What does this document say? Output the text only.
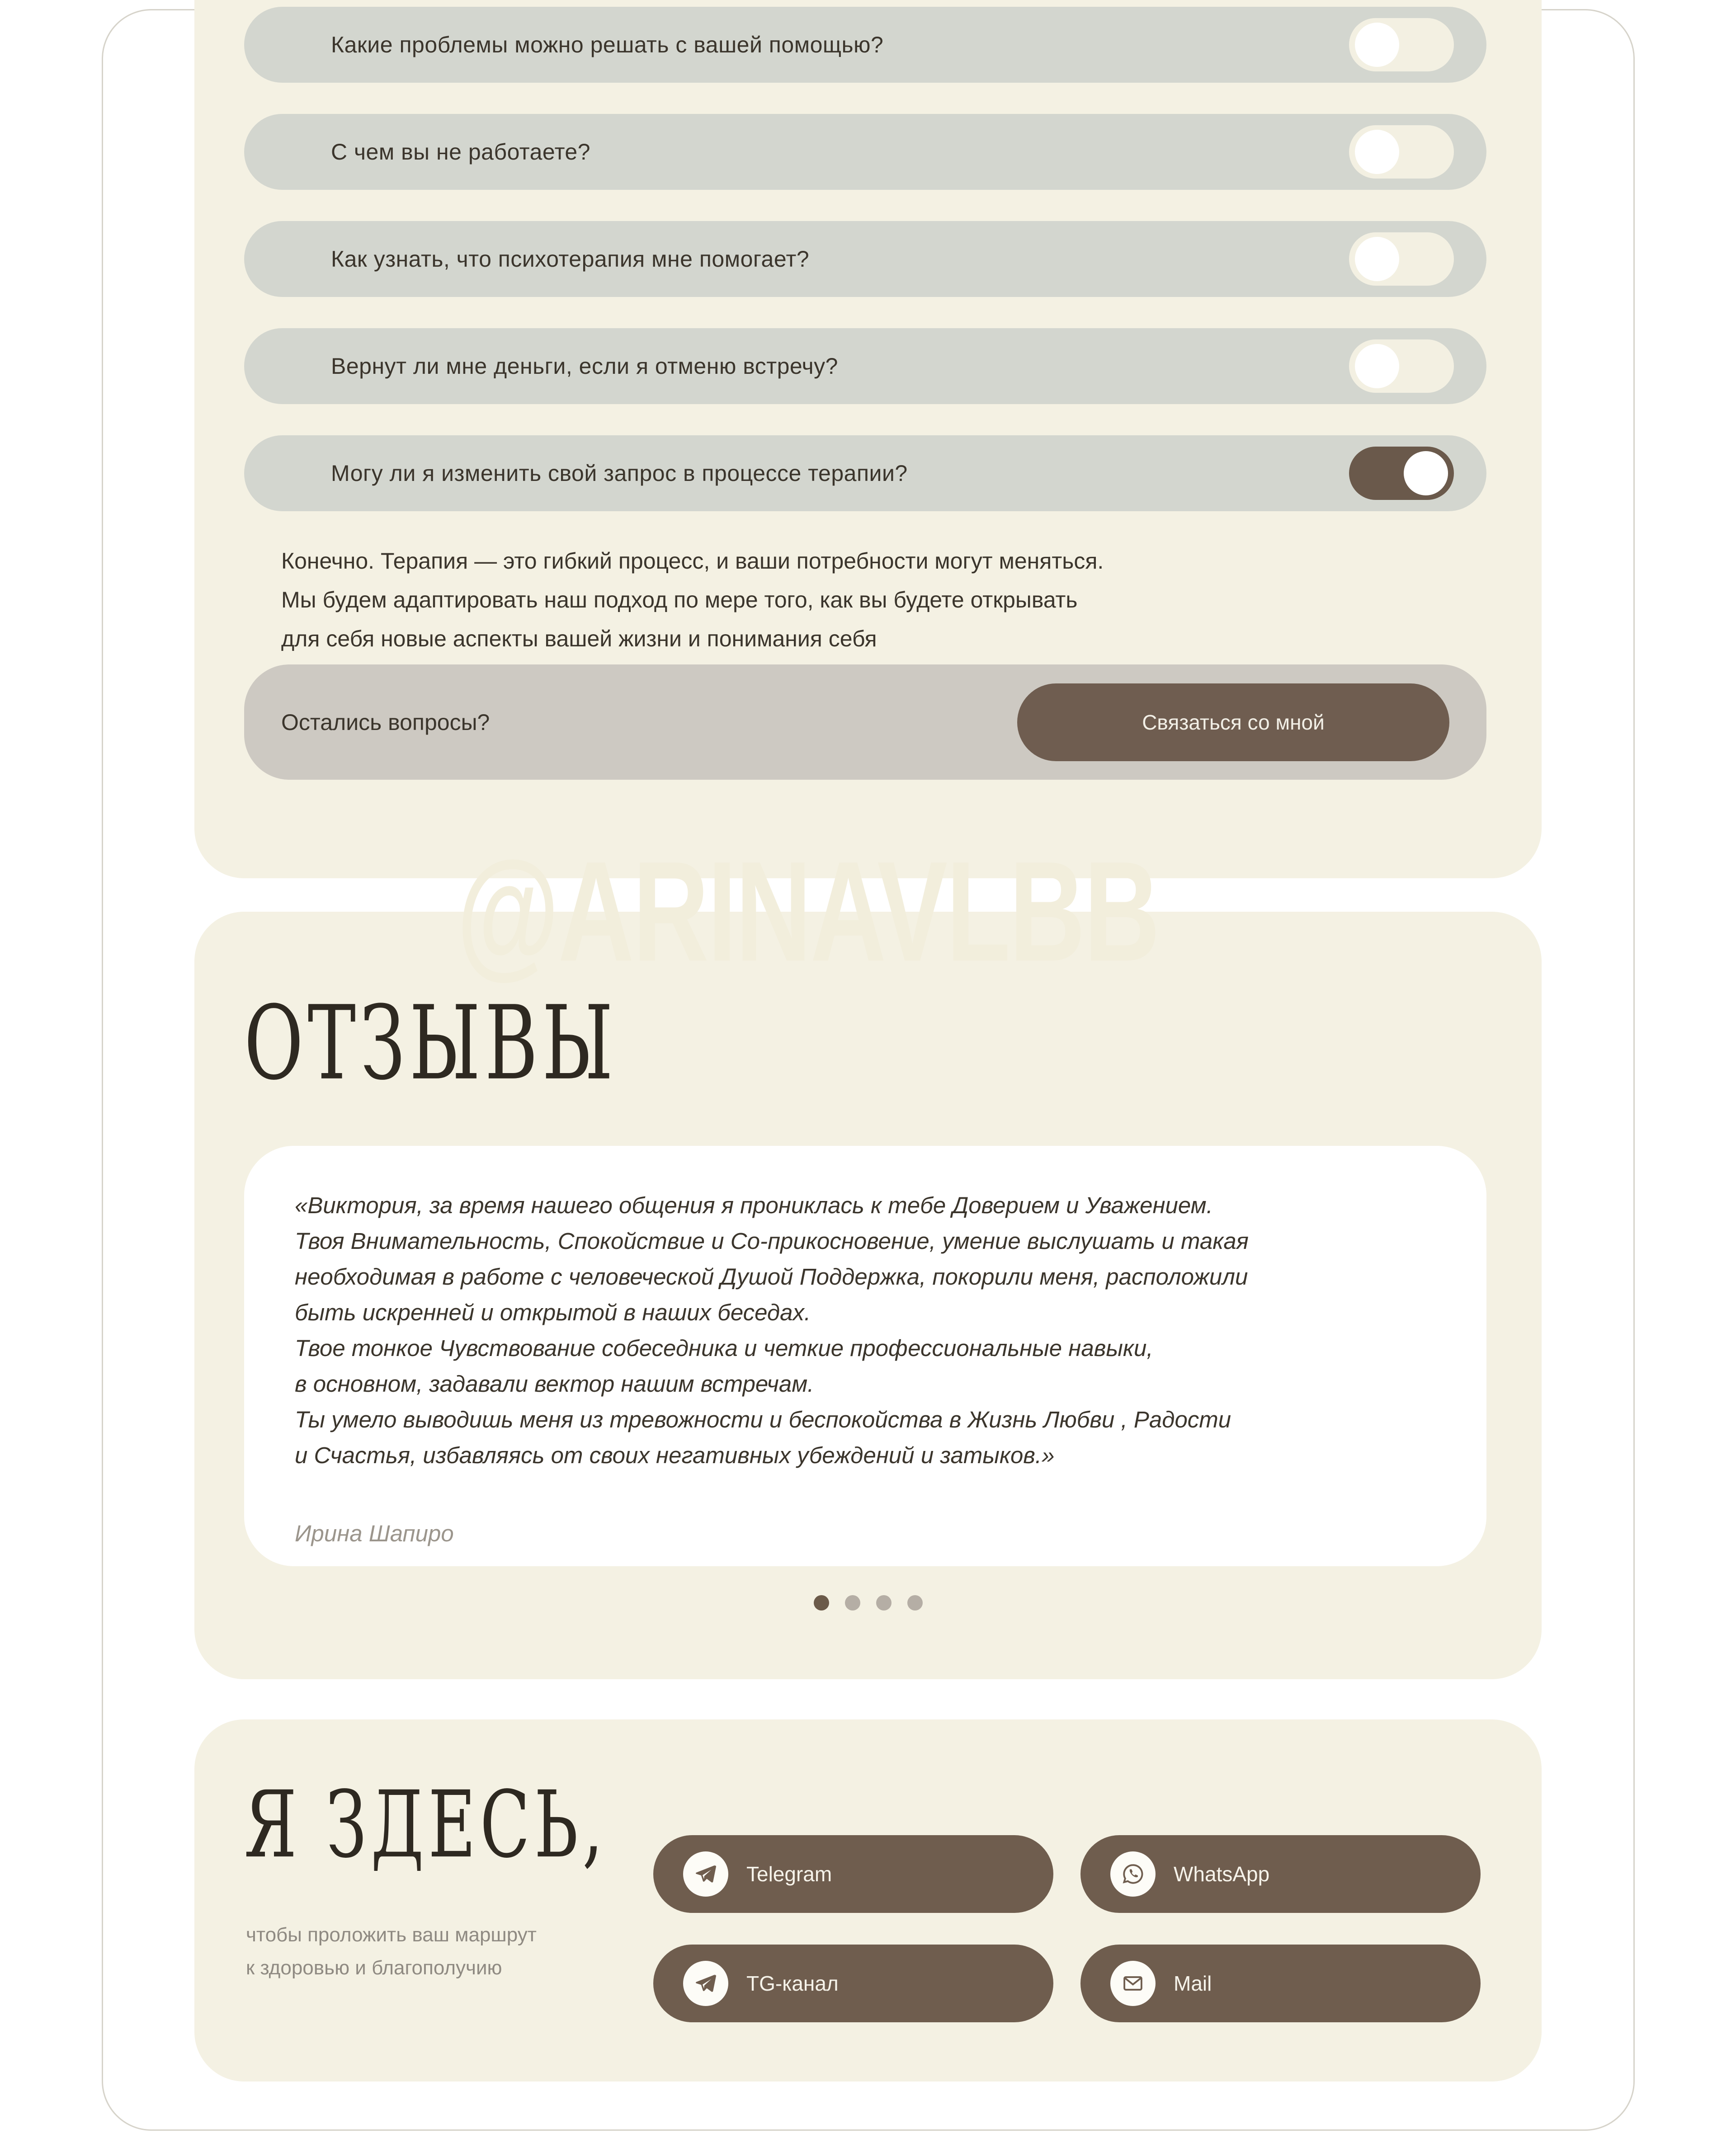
Какие проблемы можно решать с вашей помощью?
С чем вы не работаете?
Как узнать, что психотерапия мне помогает?
Вернут ли мне деньги, если я отменю встречу?
Могу ли я изменить свой запрос в процессе терапии?
Конечно. Терапия — это гибкий процесс, и ваши потребности могут меняться.
Мы будем адаптировать наш подход по мере того, как вы будете открывать
для себя новые аспекты вашей жизни и понимания себя
Остались вопросы?	Связаться со мной
@ARINAVLBB
ОТЗЫВЫ
«Виктория, за время нашего общения я прониклась к тебе Доверием и Уважением.
Твоя Внимательность, Спокойствие и Со-прикосновение, умение выслушать и такая
необходимая в работе с человеческой Душой Поддержка, покорили меня, расположили
быть искренней и открытой в наших беседах.
Твое тонкое Чувствование собеседника и четкие профессиональные навыки,
в основном, задавали вектор нашим встречам.
Ты умело выводишь меня из тревожности и беспокойства в Жизнь Любви , Радости
и Счастья, избавляясь от своих негативных убеждений и затыков.»
Ирина Шапиро
Я ЗДЕСЬ,
чтобы проложить ваш маршрут
к здоровью и благополучию
Telegram	WhatsApp
TG-канал	Mail
